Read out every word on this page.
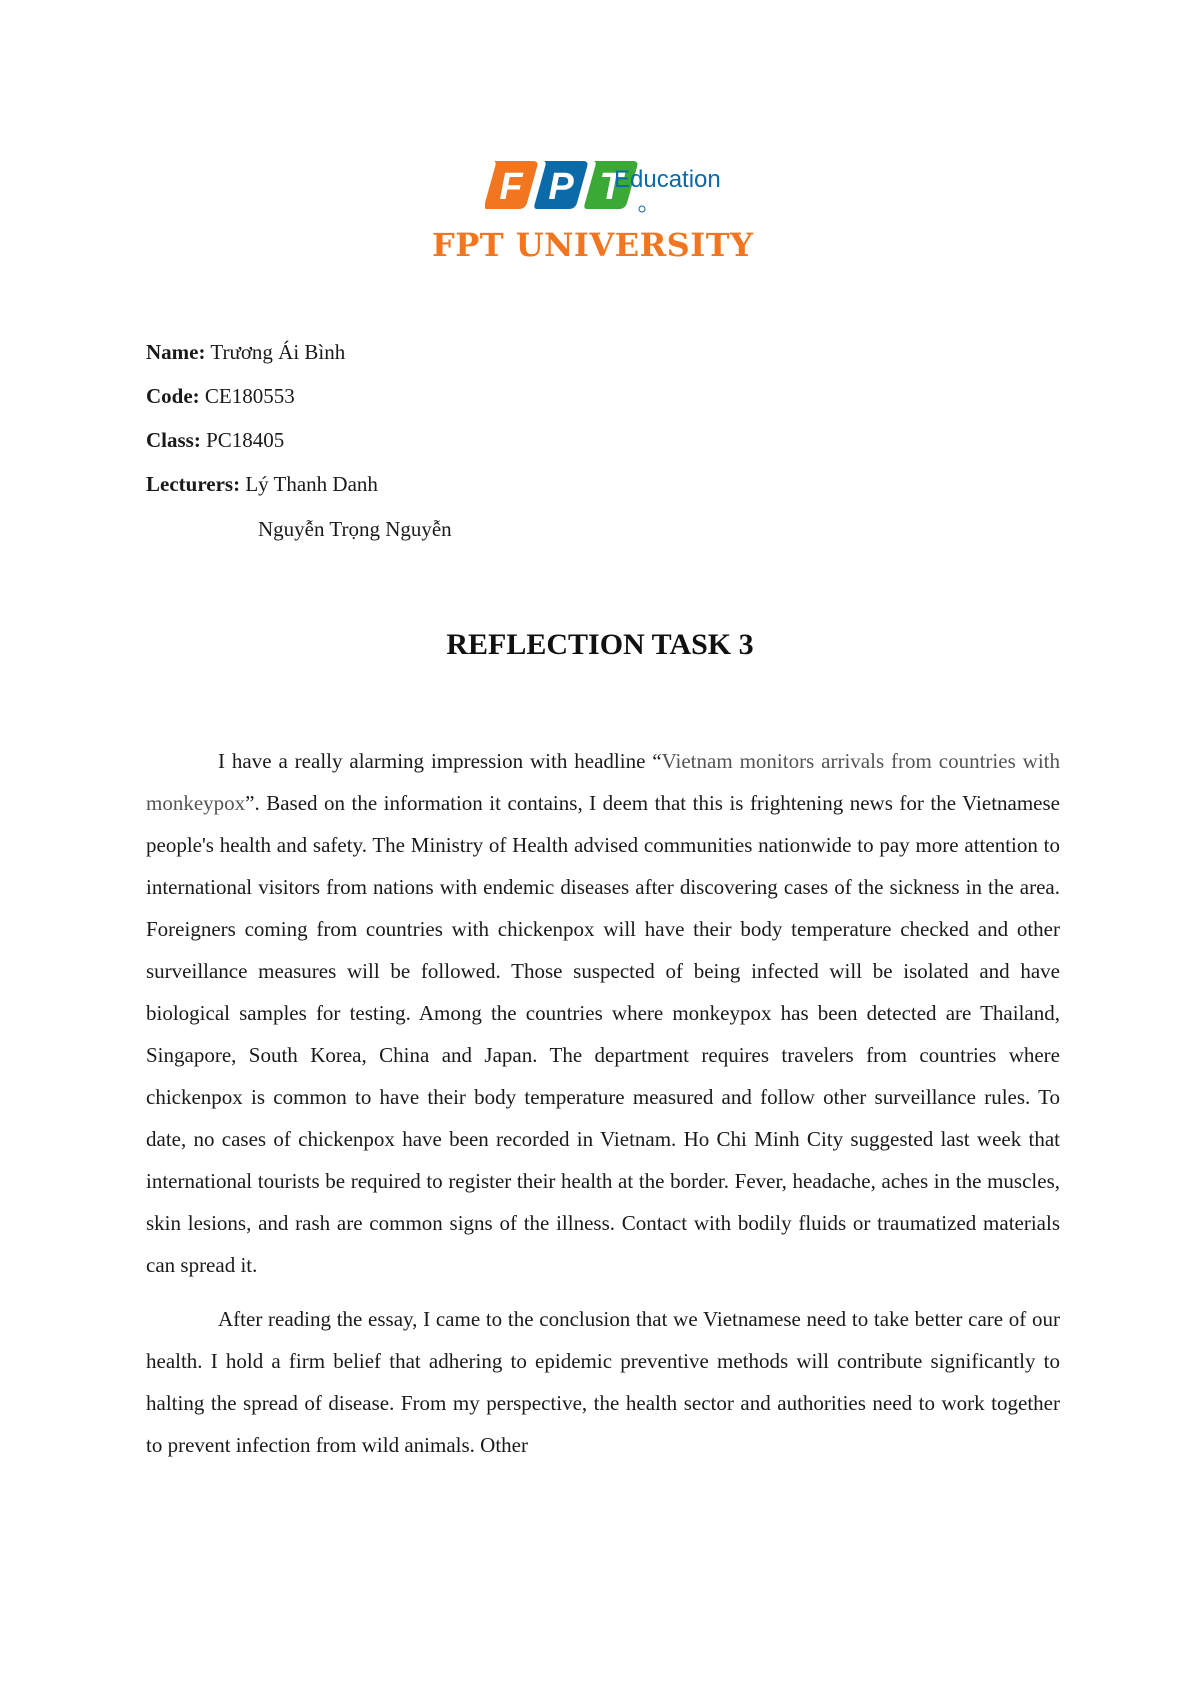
F P T
Education
FPT UNIVERSITY
Name: Trương Ái Bình
Code: CE180553
Class: PC18405
Lecturers: Lý Thanh Danh
Nguyễn Trọng Nguyễn
REFLECTION TASK 3

I have a really alarming impression with headline “Vietnam monitors arrivals from countries with monkeypox”. Based on the information it contains, I deem that this is frightening news for the Vietnamese people's health and safety. The Ministry of Health advised communities nationwide to pay more attention to international visitors from nations with endemic diseases after discovering cases of the sickness in the area. Foreigners coming from countries with chickenpox will have their body temperature checked and other surveillance measures will be followed. Those suspected of being infected will be isolated and have biological samples for testing. Among the countries where monkeypox has been detected are Thailand, Singapore, South Korea, China and Japan. The department requires travelers from countries where chickenpox is common to have their body temperature measured and follow other surveillance rules. To date, no cases of chickenpox have been recorded in Vietnam. Ho Chi Minh City suggested last week that international tourists be required to register their health at the border. Fever, headache, aches in the muscles, skin lesions, and rash are common signs of the illness. Contact with bodily fluids or traumatized materials can spread it.

After reading the essay, I came to the conclusion that we Vietnamese need to take better care of our health. I hold a firm belief that adhering to epidemic preventive methods will contribute significantly to halting the spread of disease. From my perspective, the health sector and authorities need to work together to prevent infection from wild animals. Other
